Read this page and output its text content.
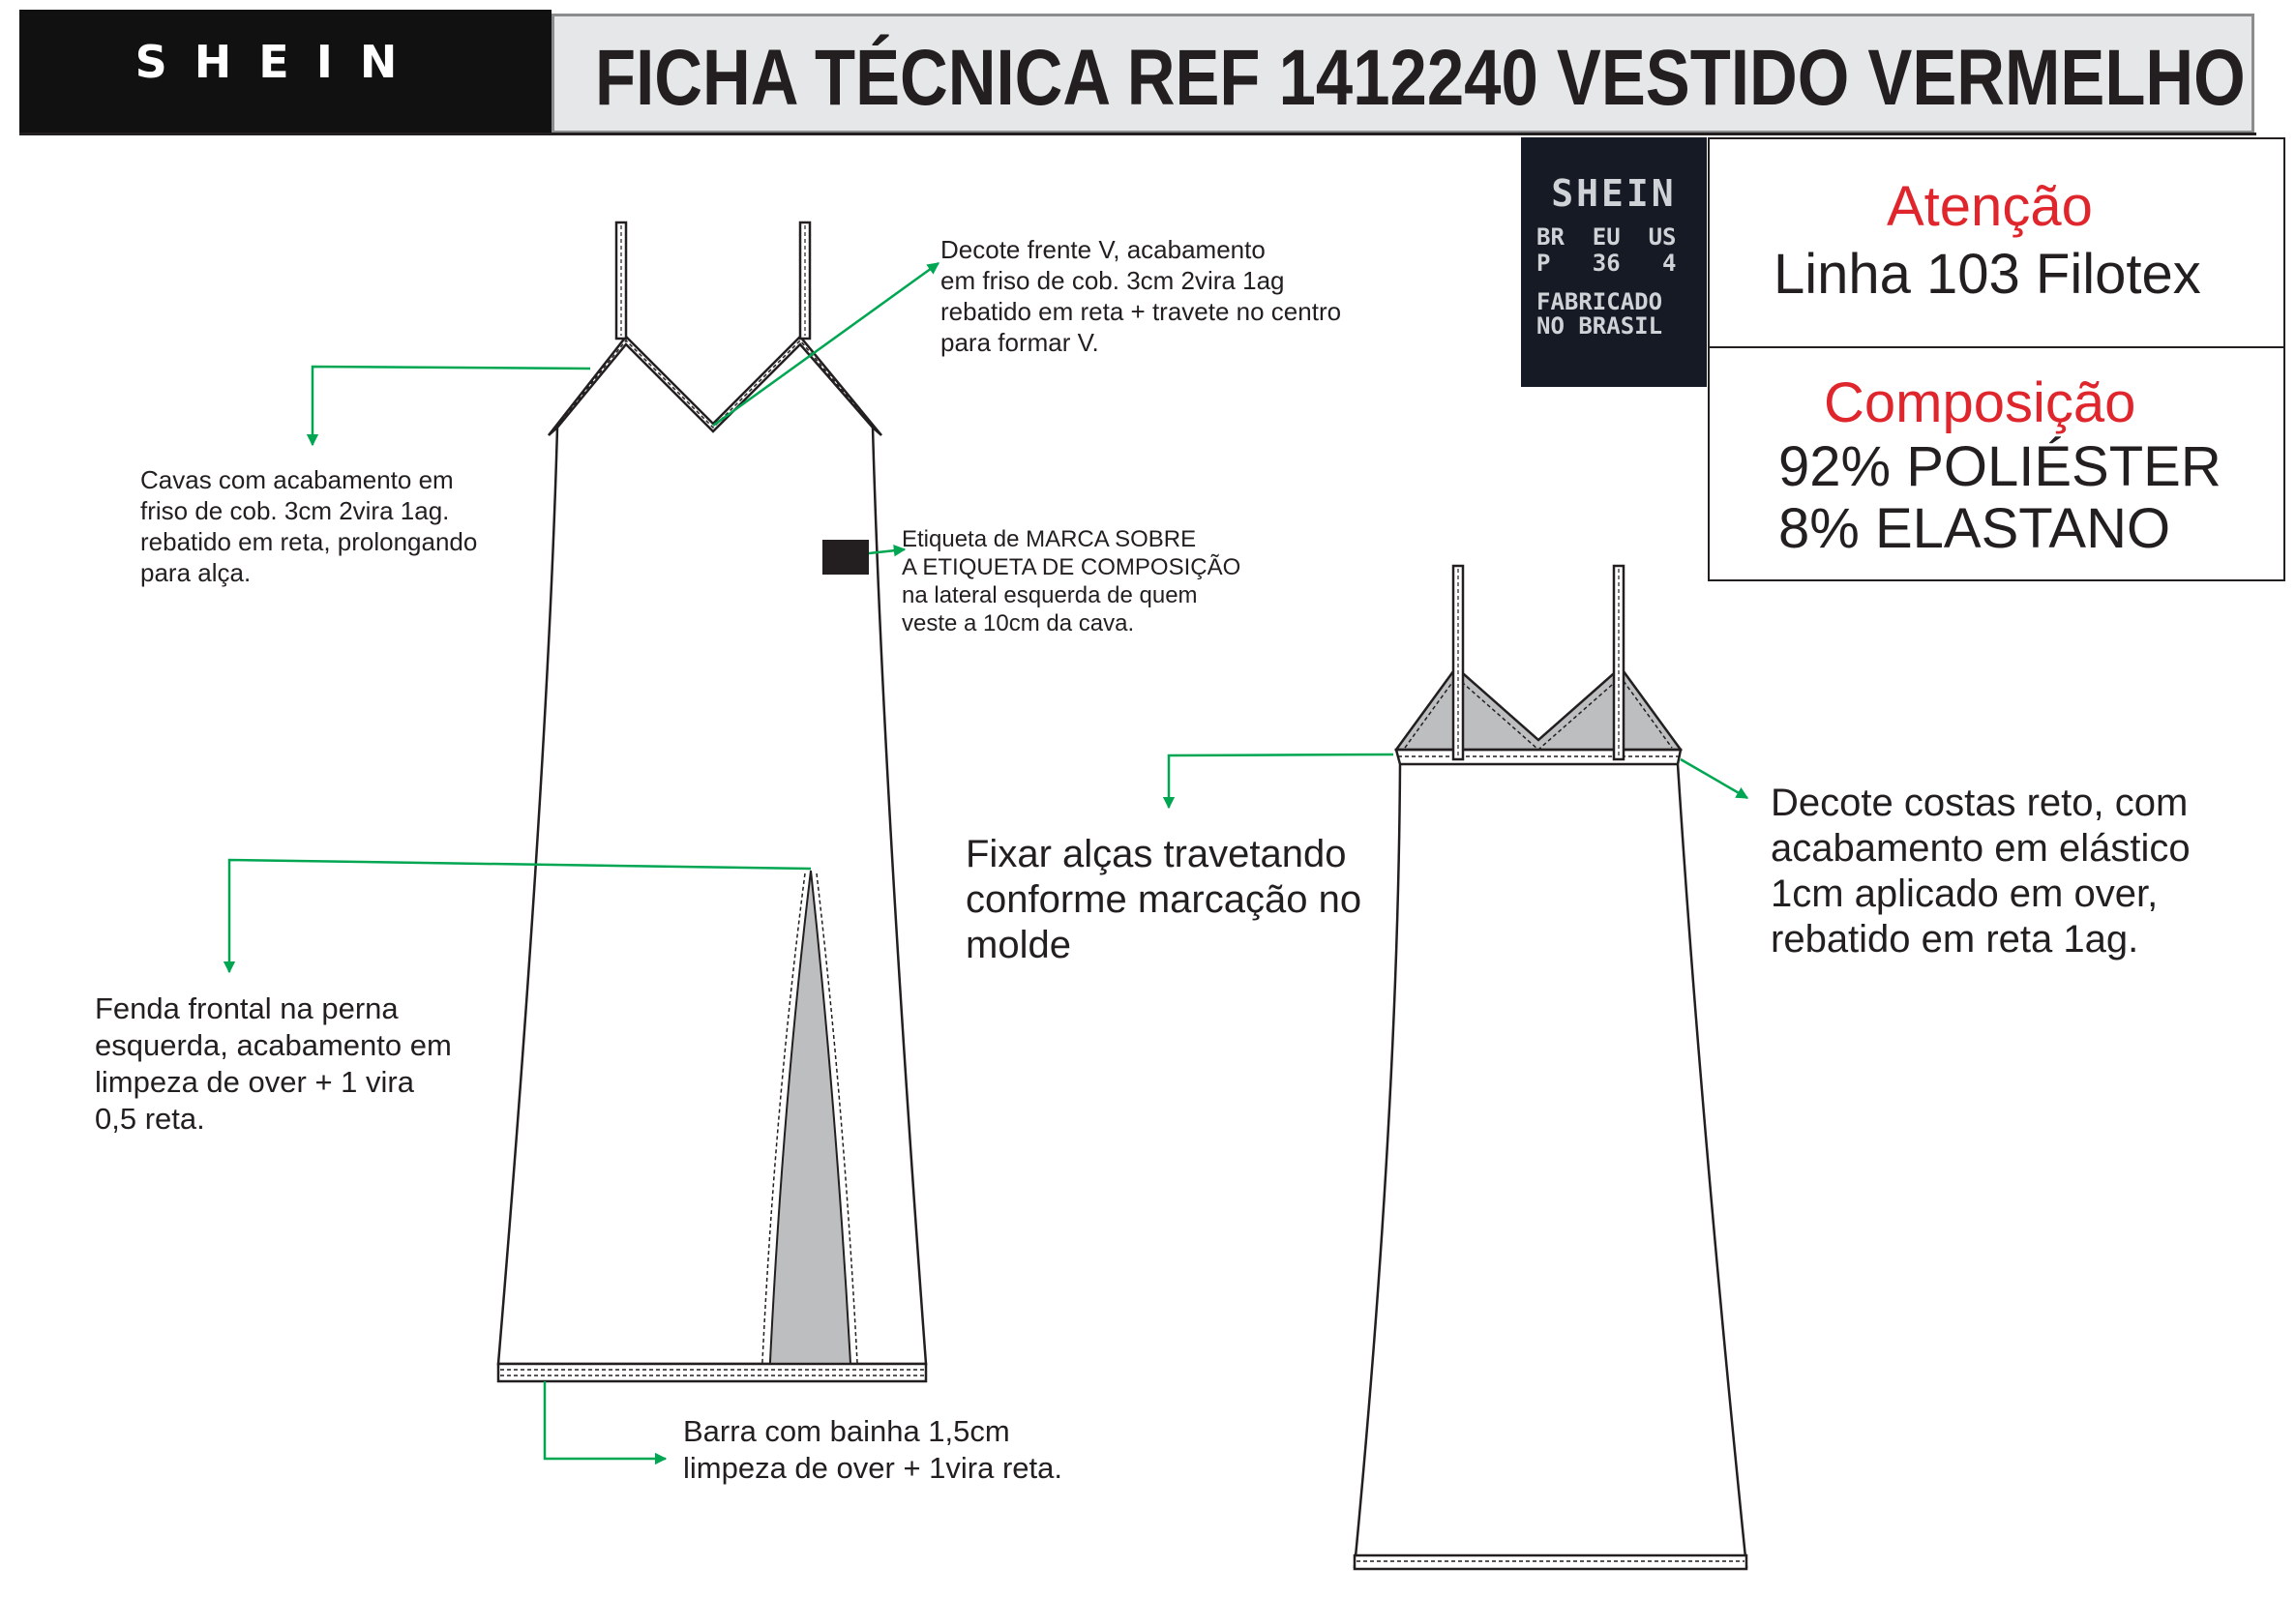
SHEIN	FICHA TÉCNICA REF 1412240 VESTIDO VERMELHO
SHEIN
BR  EU  US
P   36   4
FABRICADO
NO BRASIL
Atenção
Linha 103 Filotex
Composição
92% POLIÉSTER
8% ELASTANO
Decote frente V, acabamento
em friso de cob. 3cm 2vira 1ag
rebatido em reta + travete no centro
para formar V.
Cavas com acabamento em
friso de cob. 3cm 2vira 1ag.
rebatido em reta, prolongando
para alça.
Etiqueta de MARCA SOBRE
A ETIQUETA DE COMPOSIÇÃO
na lateral esquerda de quem
veste a 10cm da cava.
Fenda frontal na perna
esquerda, acabamento em
limpeza de over + 1 vira
0,5 reta.
Barra com bainha 1,5cm
limpeza de over + 1vira reta.
Fixar alças travetando
conforme marcação no
molde
Decote costas reto, com
acabamento em elástico
1cm aplicado em over,
rebatido em reta 1ag.
